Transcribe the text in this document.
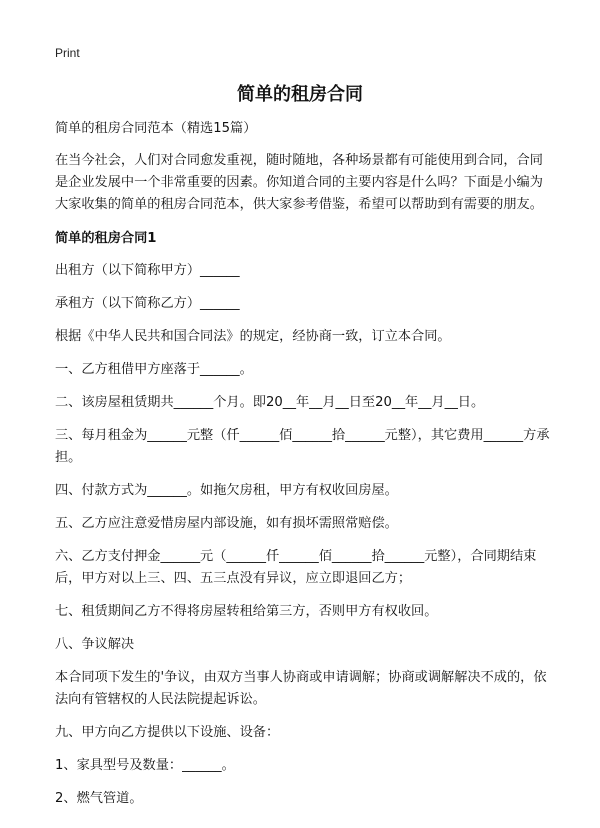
Print
简单的租房合同

简单的租房合同范本（精选15篇）

在当今社会，人们对合同愈发重视，随时随地，各种场景都有可能使用到合同，合同是企业发展中一个非常重要的因素。你知道合同的主要内容是什么吗？下面是小编为大家收集的简单的租房合同范本，供大家参考借鉴，希望可以帮助到有需要的朋友。

简单的租房合同1

出租方（以下简称甲方）______

承租方（以下简称乙方）______

根据《中华人民共和国合同法》的规定，经协商一致，订立本合同。

一、乙方租借甲方座落于______。

二、该房屋租赁期共______个月。即20__年__月__日至20__年__月__日。

三、每月租金为______元整（仟______佰______拾______元整），其它费用______方承担。

四、付款方式为______。如拖欠房租，甲方有权收回房屋。

五、乙方应注意爱惜房屋内部设施，如有损坏需照常赔偿。

六、乙方支付押金______元（______仟______佰______拾______元整），合同期结束后，甲方对以上三、四、五三点没有异议，应立即退回乙方；

七、租赁期间乙方不得将房屋转租给第三方，否则甲方有权收回。

八、争议解决

本合同项下发生的'争议，由双方当事人协商或申请调解；协商或调解解决不成的，依法向有管辖权的人民法院提起诉讼。

九、甲方向乙方提供以下设施、设备：

1、家具型号及数量：______。

2、燃气管道。
